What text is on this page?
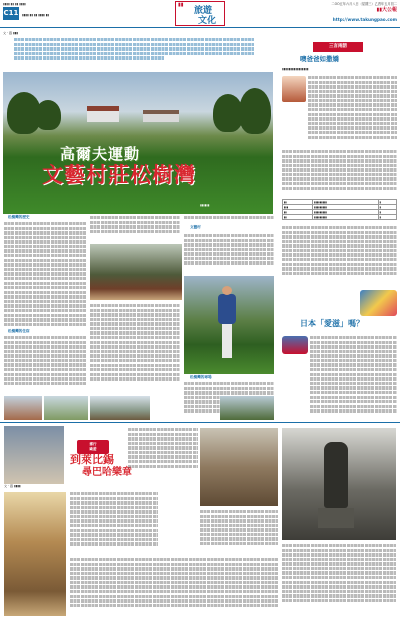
▮▮▮▮ ▮▮ ▮▮ ▮▮▮▮
C11 ▮▮▮▮ ▮▮ ▮▮ ▮▮▮▮ ▮▮
▮▮
旅遊
文化
二OO五年六月八日（星期三）乙酉年五月初二
▮▮大公報
http://www.takungpao.com
文・圖 ▮▮▮
高爾夫運動
文藝村莊松樹灣
▮▮▮▮▮▮
松樹灣的歷史
松樹灣的住宿
文藝村
松樹灣的球場
三言兩語
噢爸爸如撒嬌
▮▮▮▮▮▮▮▮▮▮▮▮▮▮▮▮
▮▮	▮▮▮▮▮▮▮▮▮	▮
▮▮▮	▮▮▮▮▮▮▮▮▮	▮
▮▮	▮▮▮▮▮▮▮▮▮	▮
▮▮	▮▮▮▮▮▮▮▮▮	▮
日本「愛滋」嗎？
郵行
歐遊
到萊比錫
尋巴哈樂章
文・圖 ▮▮▮▮
